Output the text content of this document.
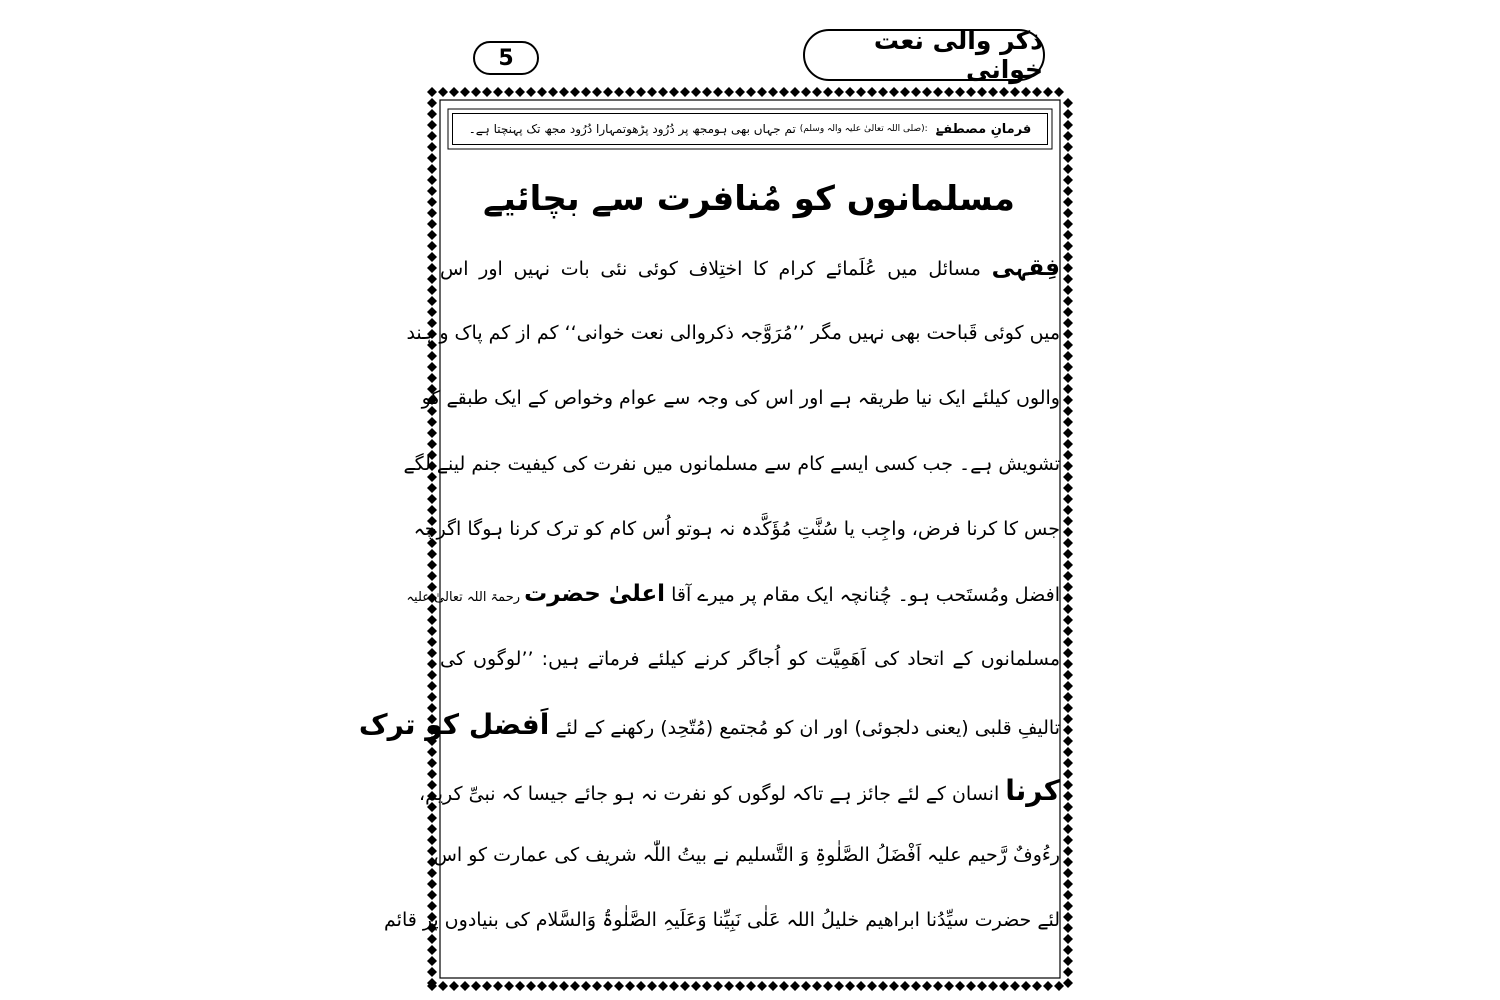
ذکر والی نعت خوانی
5
فرمانِ مصطفےٰ
:(صلی اللہ تعالیٰ علیہ والہ وسلم)
تم جہاں بھی ہومجھ پر دُرُود پڑھوتمہارا دُرُود مجھ تک پہنچتا ہے۔
مسلمانوں کو مُنافرت سے بچائیے
فِقہی مسائل میں عُلَمائے کرام کا اختِلاف کوئی نئی بات نہیں اور اس
میں کوئی قَباحت بھی نہیں مگر ’’مُرَوَّجہ ذکروالی نعت خوانی‘‘ کم از کم پاک و ہند
والوں کیلئے ایک نیا طریقہ ہے اور اس کی وجہ سے عوام وخواص کے ایک طبقے کو
تشویش ہے۔ جب کسی ایسے کام سے مسلمانوں میں نفرت کی کیفیت جنم لینے لگے
جس کا کرنا فرض، واجِب یا سُنَّتِ مُؤَکَّدہ نہ ہوتو اُس کام کو ترک کرنا ہوگا اگرچہ
افضل ومُستَحب ہو۔ چُنانچہ ایک مقام پر میرے آقا اعلیٰ حضرت رحمۃ اللہ تعالیٰ علیہ
مسلمانوں کے اتحاد کی اَھَمِیَّت کو اُجاگر کرنے کیلئے فرماتے ہیں: ’’لوگوں کی
تالیفِ قلبی (یعنی دلجوئی) اور ان کو مُجتمع (مُتّحِد) رکھنے کے لئے اَفضل کو ترک
کرنا انسان کے لئے جائز ہے تاکہ لوگوں کو نفرت نہ ہو جائے جیسا کہ نبیِّ کریم،
رءُوفٌ رَّحیم علیہ اَفْضَلُ الصَّلٰوۃِ وَ التَّسلیم نے بیتُ اللّٰہ شریف کی عمارت کو اس
لئے حضرت سیِّدُنا ابراھیم خلیلُ اللہ عَلٰی نَبِیِّنا وَعَلَیہِ الصَّلٰوۃُ وَالسَّلام کی بنیادوں پر قائم
